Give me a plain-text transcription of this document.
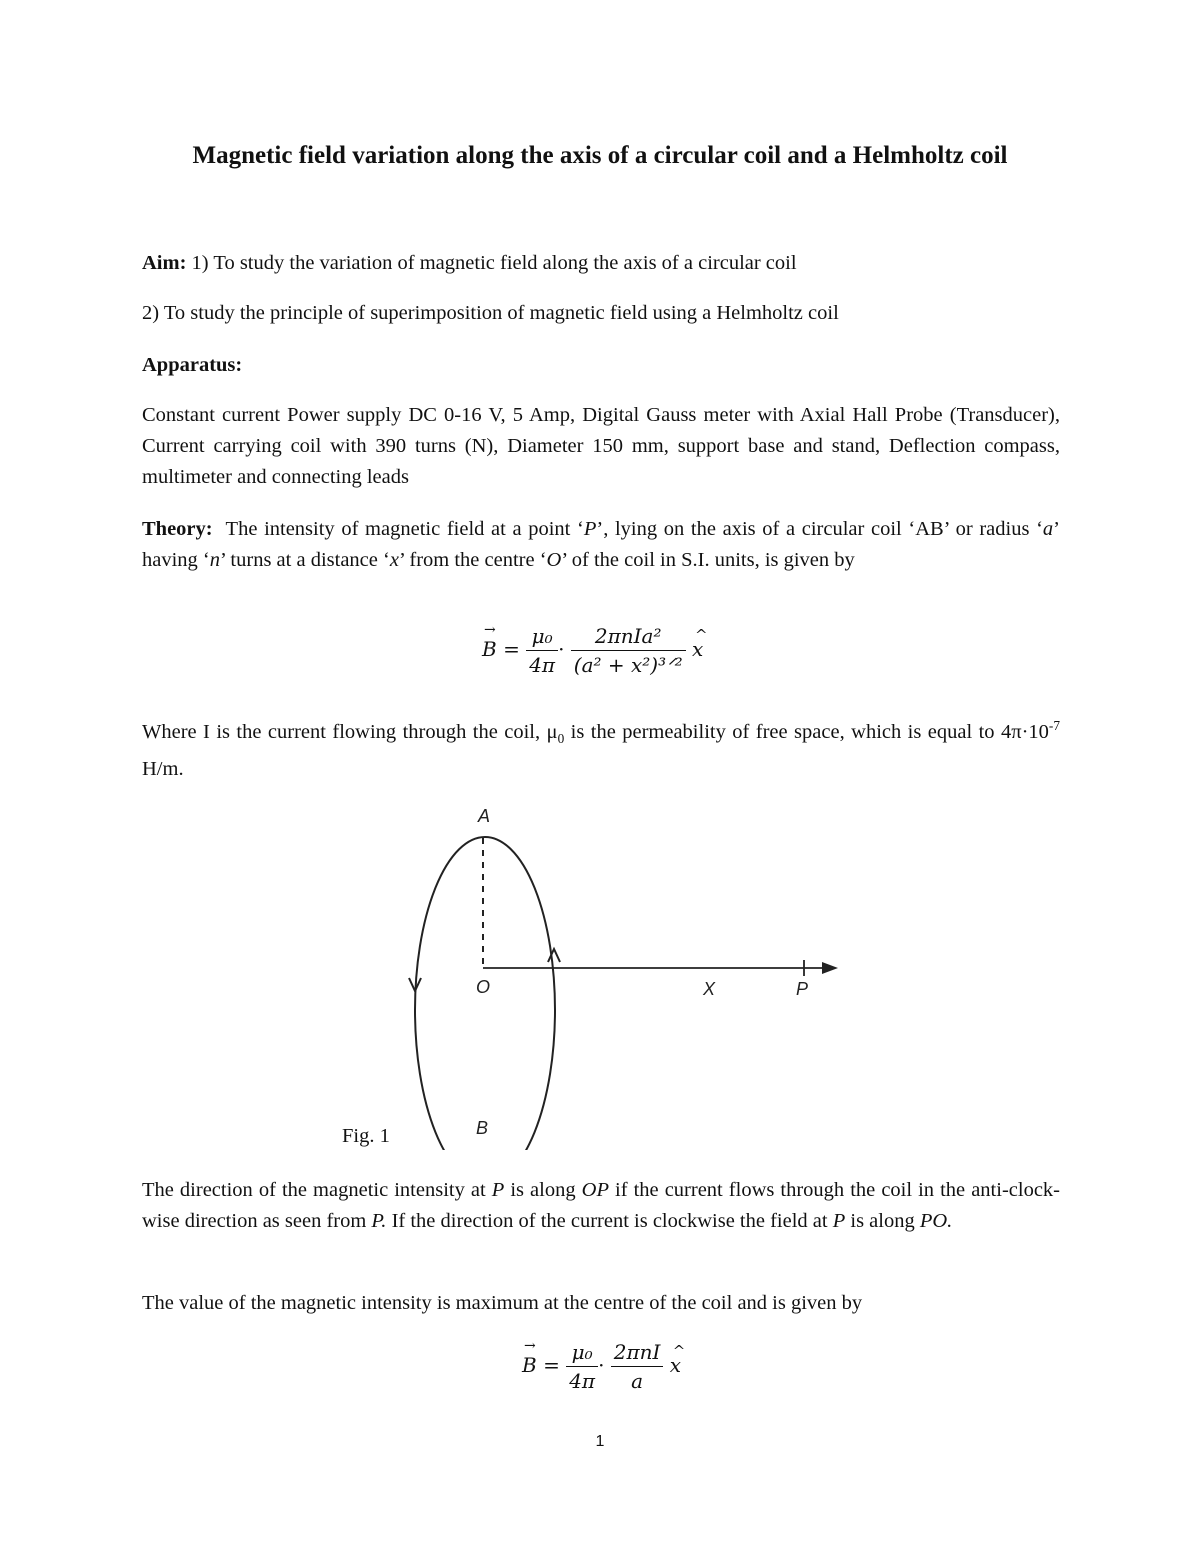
Magnetic field variation along the axis of a circular coil and a Helmholtz coil
Aim: 1) To study the variation of magnetic field along the axis of a circular coil
2) To study the principle of superimposition of magnetic field using a Helmholtz coil
Apparatus:
Constant current Power supply DC 0-16 V, 5 Amp, Digital Gauss meter with Axial Hall Probe (Transducer), Current carrying coil with 390 turns (N), Diameter 150 mm, support base and stand, Deflection compass, multimeter and connecting leads
Theory: The intensity of magnetic field at a point ‘P’, lying on the axis of a circular coil ‘AB’ or radius ‘a’ having ‘n’ turns at a distance ‘x’ from the centre ‘O’ of the coil in S.I. units, is given by
→ $B = \frac{\text{μ₀}}{4\pi} \cdot \frac{\text{2πnIa²}}{\text{(a² + x²)³ᐟ²}}$ ^ x
Where I is the current flowing through the coil, $\mu_0$ is the permeability of free space, which is equal to $4\pi\cdot 10^{-7}$ H/m.
A
O	X	P
B
Fig. 1
The direction of the magnetic intensity at P is along OP if the current flows through the coil in the anti-clock-wise direction as seen from P. If the direction of the current is clockwise the field at P is along PO.
The value of the magnetic intensity is maximum at the centre of the coil and is given by
→ $B = \frac{\text{μ₀}}{4\pi} \cdot \frac{\text{2πnI}}{a}$ ^ x
1
